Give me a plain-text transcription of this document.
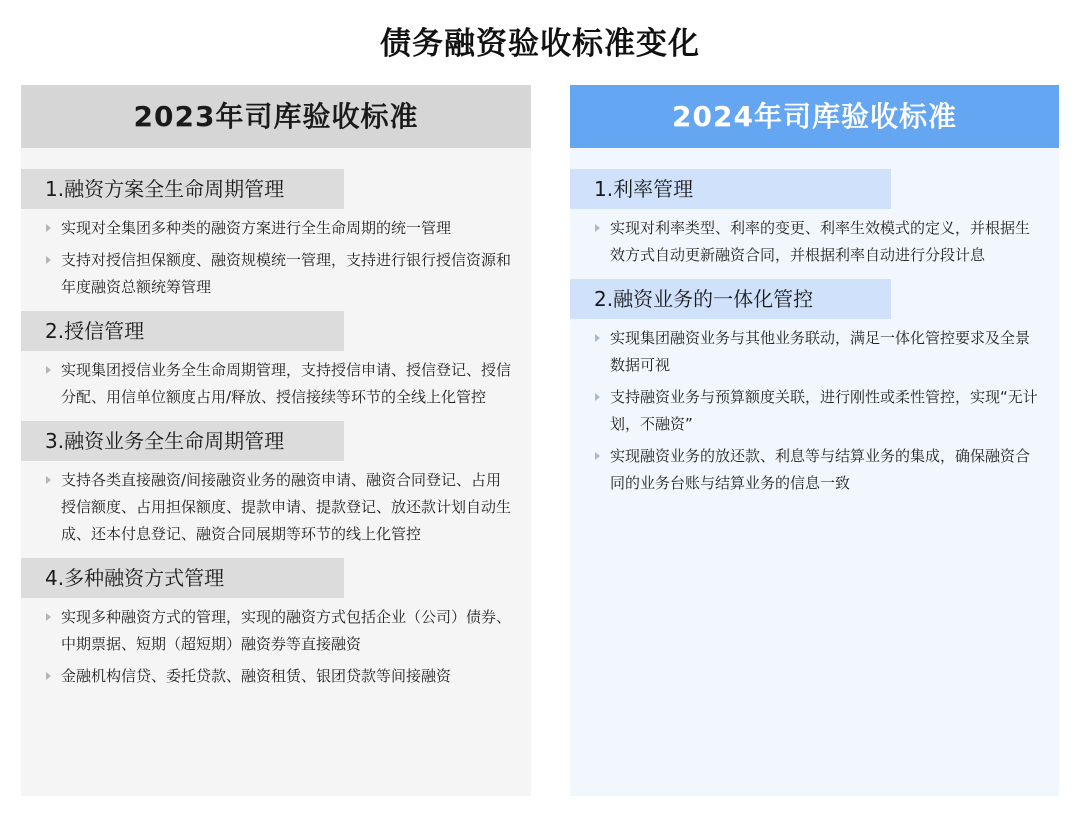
债务融资验收标准变化
2023年司库验收标准
1.融资方案全生命周期管理
实现对全集团多种类的融资方案进行全生命周期的统一管理
支持对授信担保额度、融资规模统一管理，支持进行银行授信资源和年度融资总额统筹管理
2.授信管理
实现集团授信业务全生命周期管理，支持授信申请、授信登记、授信分配、用信单位额度占用/释放、授信接续等环节的全线上化管控
3.融资业务全生命周期管理
支持各类直接融资/间接融资业务的融资申请、融资合同登记、占用授信额度、占用担保额度、提款申请、提款登记、放还款计划自动生成、还本付息登记、融资合同展期等环节的线上化管控
4.多种融资方式管理
实现多种融资方式的管理，实现的融资方式包括企业（公司）债券、中期票据、短期（超短期）融资券等直接融资
金融机构信贷、委托贷款、融资租赁、银团贷款等间接融资
2024年司库验收标准
1.利率管理
实现对利率类型、利率的变更、利率生效模式的定义，并根据生效方式自动更新融资合同，并根据利率自动进行分段计息
2.融资业务的一体化管控
实现集团融资业务与其他业务联动，满足一体化管控要求及全景数据可视
支持融资业务与预算额度关联，进行刚性或柔性管控，实现“无计划，不融资”
实现融资业务的放还款、利息等与结算业务的集成，确保融资合同的业务台账与结算业务的信息一致
